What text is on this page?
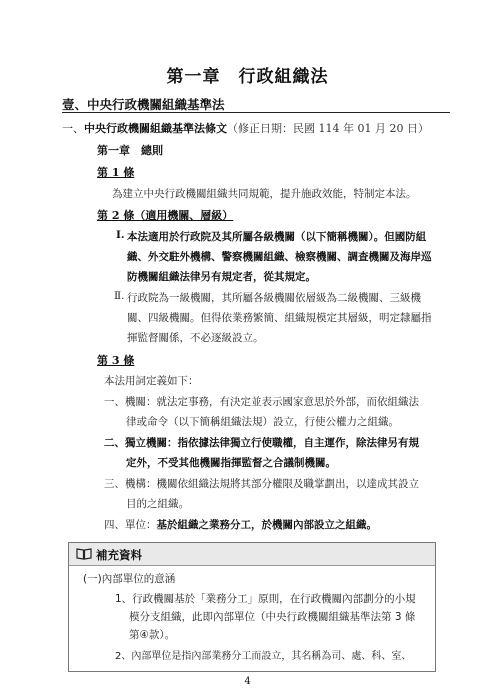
第一章　行政組織法
壹、中央行政機關組織基準法
一、中央行政機關組織基準法條文（修正日期：民國 114 年 01 月 20 日）
第一章　總則
第 1 條
為建立中央行政機關組織共同規範，提升施政效能，特制定本法。
第 2 條（適用機關、層級）
Ⅰ. 本法適用於行政院及其所屬各級機關（以下簡稱機關）。但國防組
織、外交駐外機構、警察機關組織、檢察機關、調查機關及海岸巡
防機關組織法律另有規定者，從其規定。
Ⅱ. 行政院為一級機關，其所屬各級機關依層級為二級機關、三級機
關、四級機關。但得依業務繁簡、組織規模定其層級，明定隸屬指
揮監督關係，不必逐級設立。
第 3 條
本法用詞定義如下：
一、機關：就法定事務，有決定並表示國家意思於外部，而依組織法
律或命令（以下簡稱組織法規）設立，行使公權力之組織。
二、獨立機關：指依據法律獨立行使職權，自主運作，除法律另有規
定外，不受其他機關指揮監督之合議制機關。
三、機構：機關依組織法規將其部分權限及職掌劃出，以達成其設立
目的之組織。
四、單位：基於組織之業務分工，於機關內部設立之組織。
補充資料
(一)內部單位的意涵
1、行政機關基於「業務分工」原則，在行政機關內部劃分的小規
模分支組織，此即內部單位（中央行政機關組織基準法第 3 條
第④款）。
2、內部單位是指內部業務分工而設立，其名稱為司、處、科、室、
4
